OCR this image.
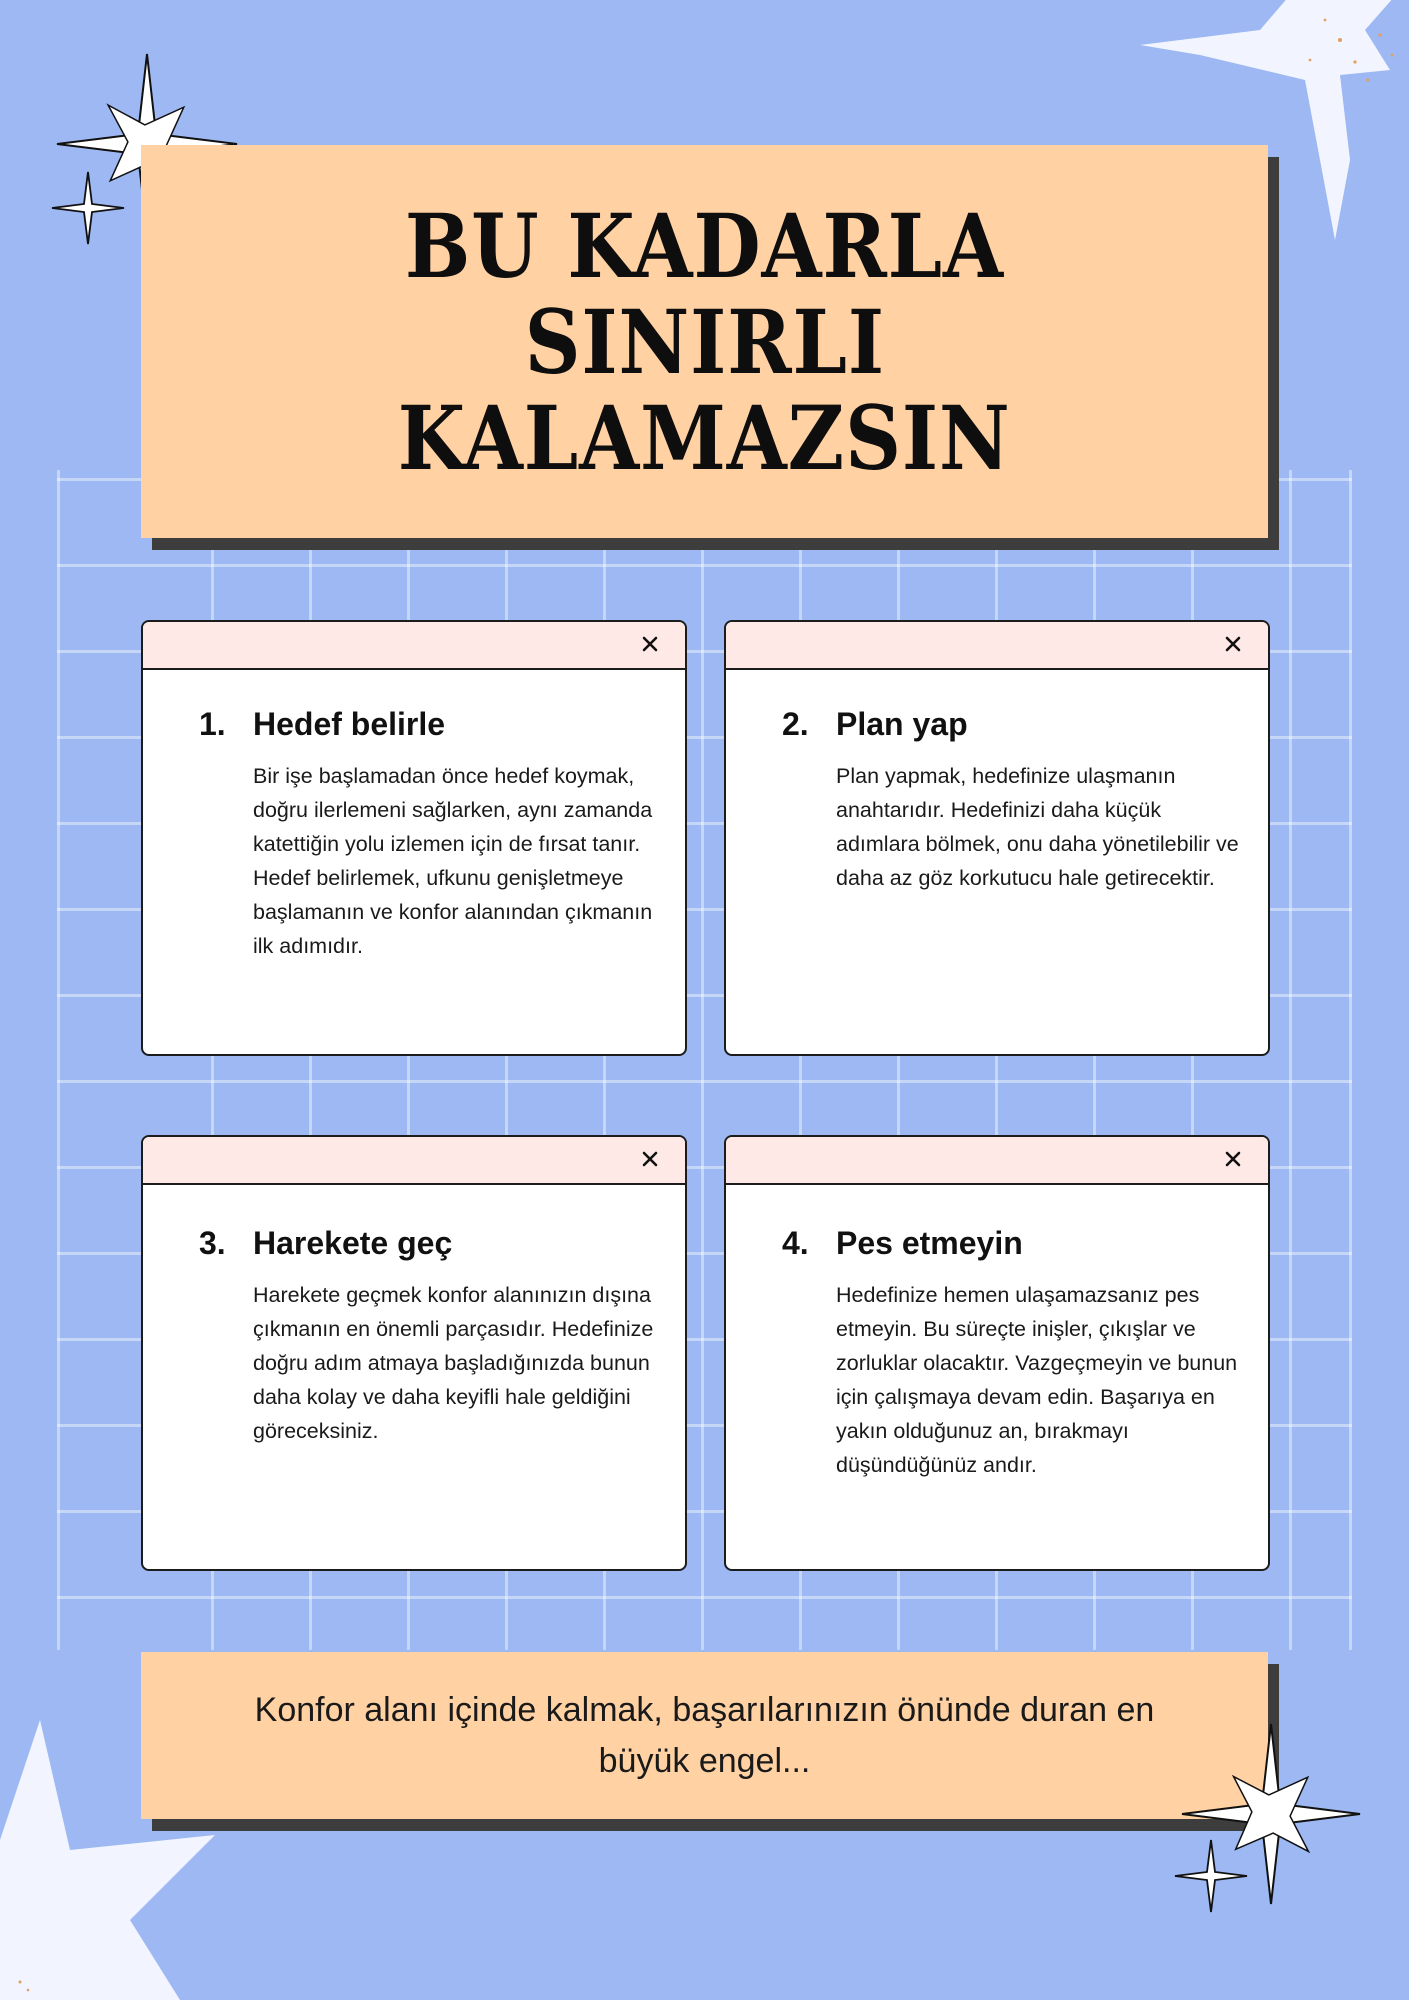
BU KADARLA
SINIRLI
KALAMAZSIN
1. Hedef belirle
Bir işe başlamadan önce hedef koymak, doğru ilerlemeni sağlarken, aynı zamanda katettiğin yolu izlemen için de fırsat tanır. Hedef belirlemek, ufkunu genişletmeye başlamanın ve konfor alanından çıkmanın ilk adımıdır.
2. Plan yap
Plan yapmak, hedefinize ulaşmanın anahtarıdır. Hedefinizi daha küçük adımlara bölmek, onu daha yönetilebilir ve daha az göz korkutucu hale getirecektir.
3. Harekete geç
Harekete geçmek konfor alanınızın dışına çıkmanın en önemli parçasıdır. Hedefinize doğru adım atmaya başladığınızda bunun daha kolay ve daha keyifli hale geldiğini göreceksiniz.
4. Pes etmeyin
Hedefinize hemen ulaşamazsanız pes etmeyin. Bu süreçte inişler, çıkışlar ve zorluklar olacaktır. Vazgeçmeyin ve bunun için çalışmaya devam edin. Başarıya en yakın olduğunuz an, bırakmayı düşündüğünüz andır.
Konfor alanı içinde kalmak, başarılarınızın önünde duran en büyük engel...
